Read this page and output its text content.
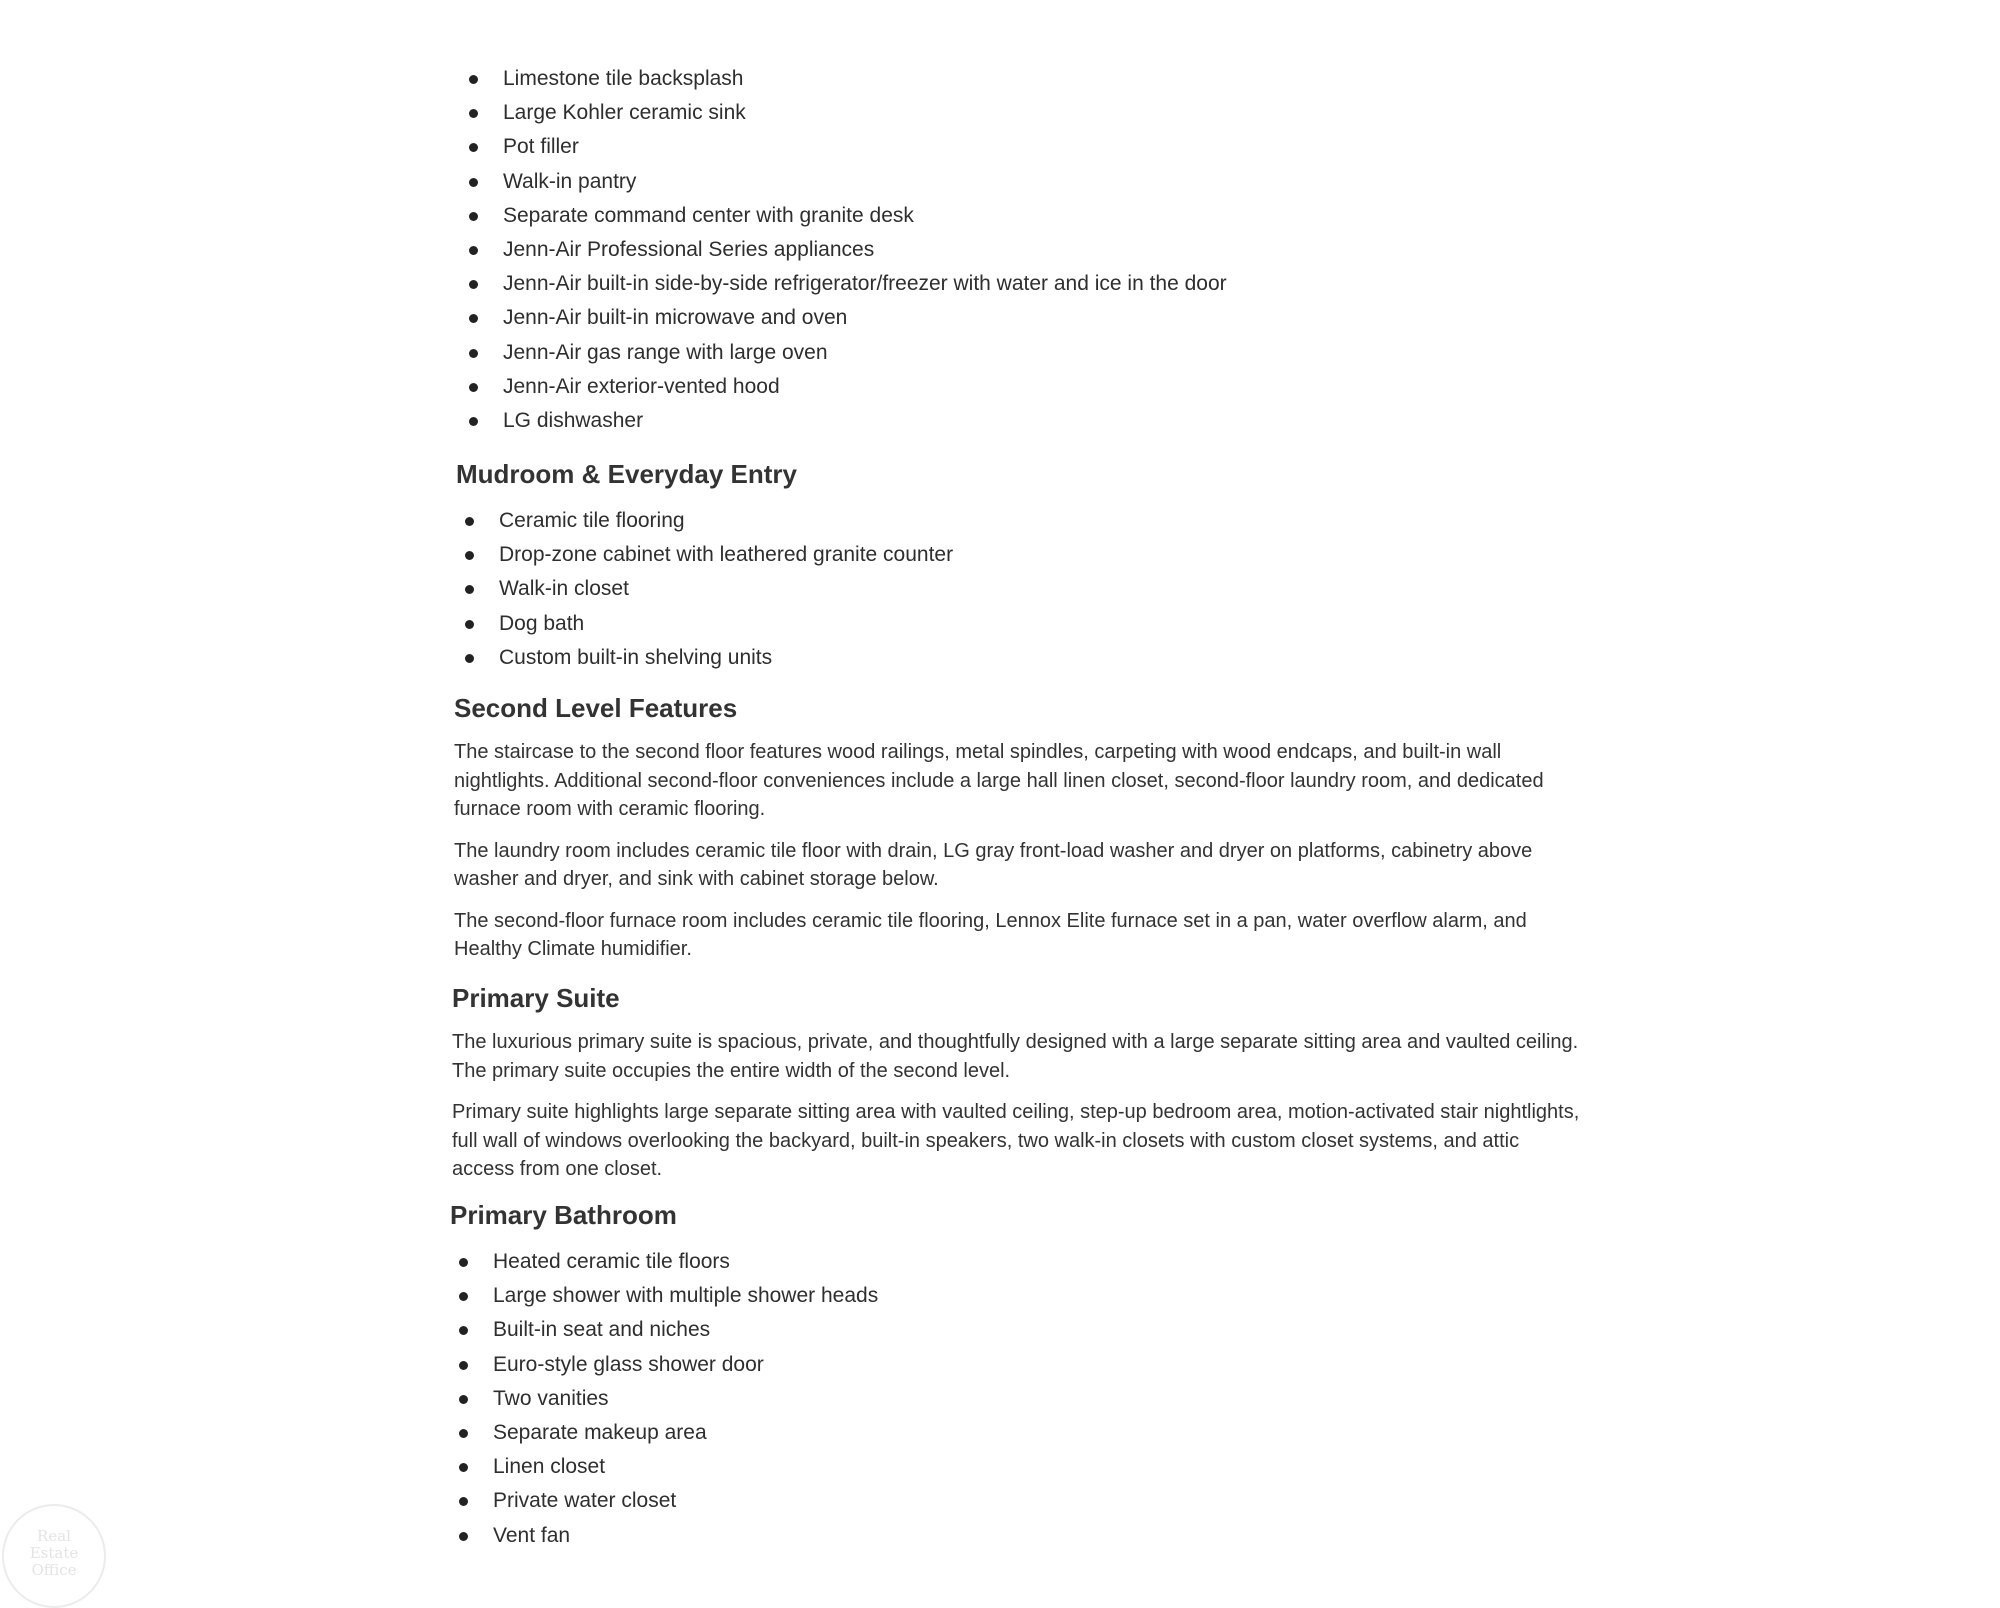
Limestone tile backsplash
Large Kohler ceramic sink
Pot filler
Walk-in pantry
Separate command center with granite desk
Jenn-Air Professional Series appliances
Jenn-Air built-in side-by-side refrigerator/freezer with water and ice in the door
Jenn-Air built-in microwave and oven
Jenn-Air gas range with large oven
Jenn-Air exterior-vented hood
LG dishwasher
Mudroom & Everyday Entry
Ceramic tile flooring
Drop-zone cabinet with leathered granite counter
Walk-in closet
Dog bath
Custom built-in shelving units
Second Level Features

The staircase to the second floor features wood railings, metal spindles, carpeting with wood endcaps, and built-in wall nightlights. Additional second-floor conveniences include a large hall linen closet, second-floor laundry room, and dedicated furnace room with ceramic flooring.

The laundry room includes ceramic tile floor with drain, LG gray front-load washer and dryer on platforms, cabinetry above washer and dryer, and sink with cabinet storage below.

The second-floor furnace room includes ceramic tile flooring, Lennox Elite furnace set in a pan, water overflow alarm, and Healthy Climate humidifier.

Primary Suite

The luxurious primary suite is spacious, private, and thoughtfully designed with a large separate sitting area and vaulted ceiling. The primary suite occupies the entire width of the second level.

Primary suite highlights large separate sitting area with vaulted ceiling, step-up bedroom area, motion-activated stair nightlights, full wall of windows overlooking the backyard, built-in speakers, two walk-in closets with custom closet systems, and attic access from one closet.

Primary Bathroom
Heated ceramic tile floors
Large shower with multiple shower heads
Built-in seat and niches
Euro-style glass shower door
Two vanities
Separate makeup area
Linen closet
Private water closet
Vent fan
Real
Estate
Office
